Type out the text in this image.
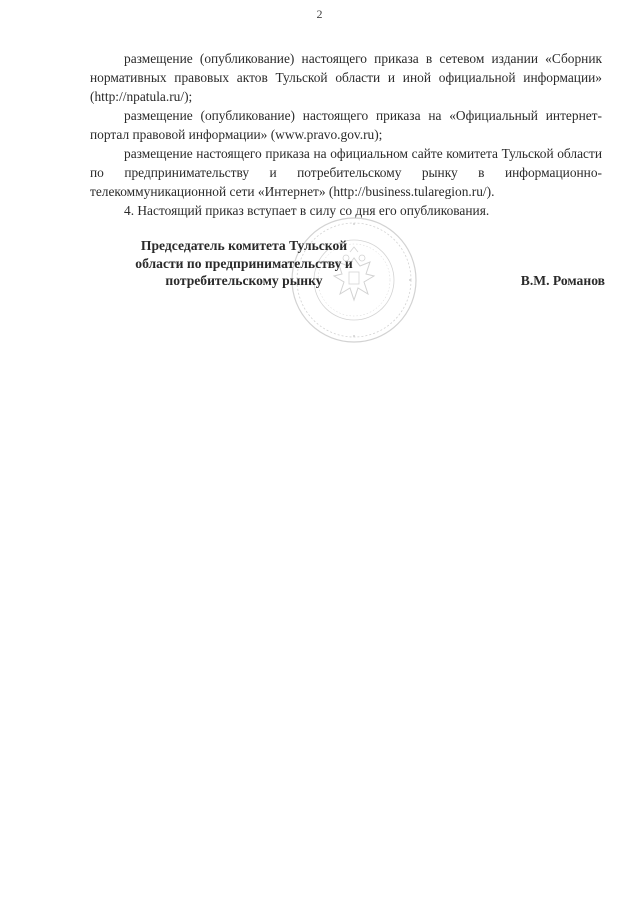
2

размещение (опубликование) настоящего приказа в сетевом издании «Сборник нормативных правовых актов Тульской области и иной официальной информации» (http://npatula.ru/);

размещение (опубликование) настоящего приказа на «Официальный интернет-портал правовой информации» (www.pravo.gov.ru);

размещение настоящего приказа на официальном сайте комитета Тульской области по предпринимательству и потребительскому рынку в информационно-телекоммуникационной сети «Интернет» (http://business.tularegion.ru/).

4. Настоящий приказ вступает в силу со дня его опубликования.

Председатель комитета Тульской
области по предпринимательству и
потребительскому рынку	В.М. Романов
